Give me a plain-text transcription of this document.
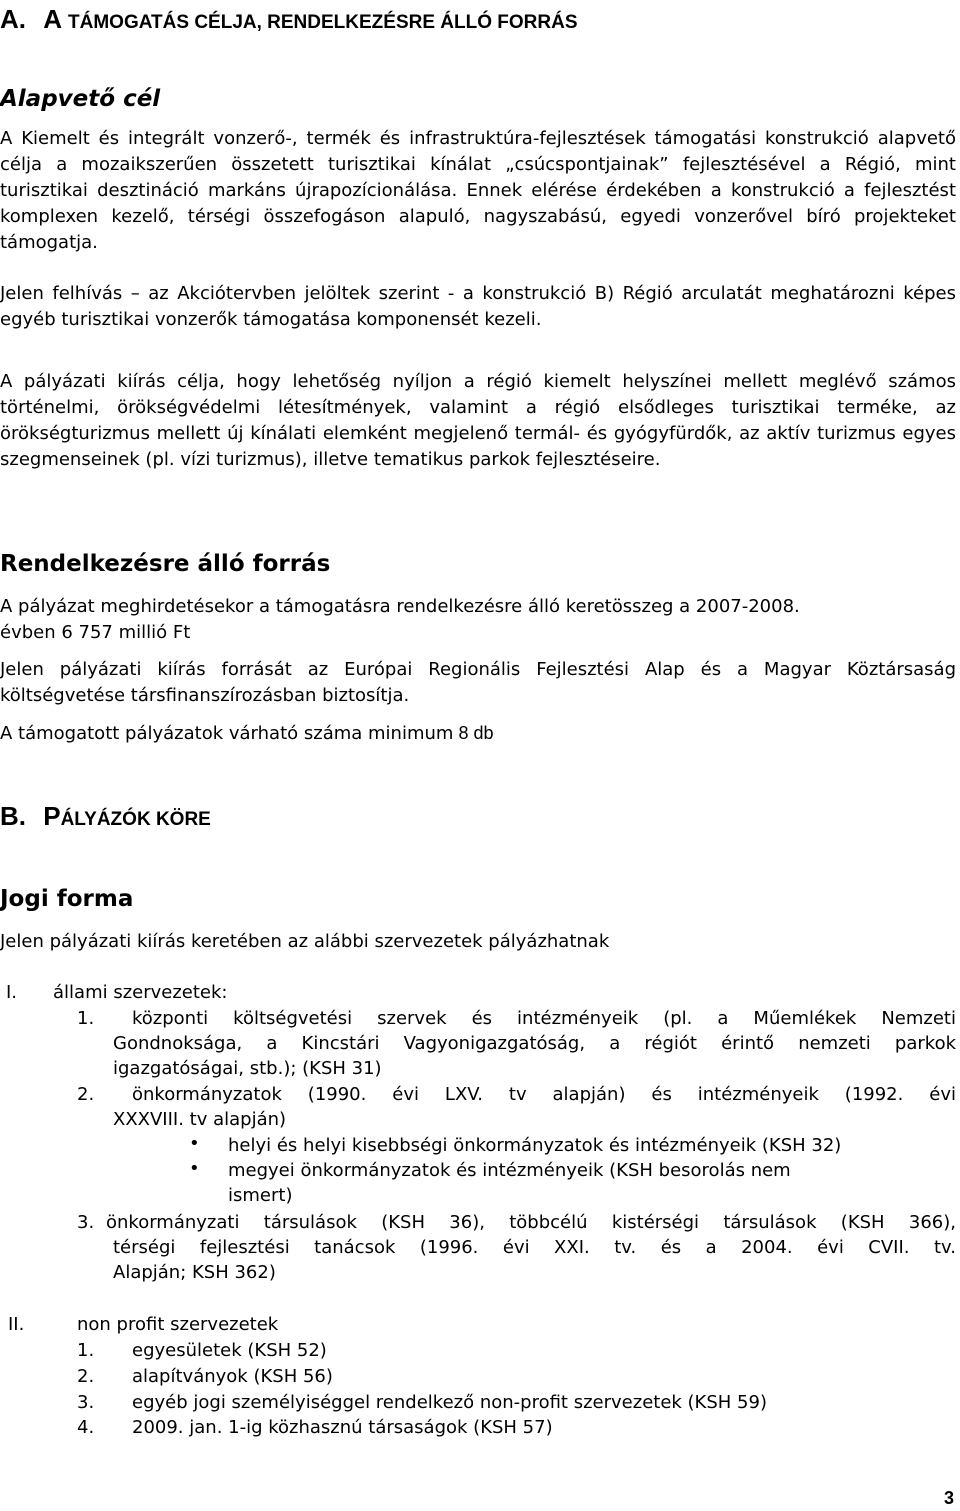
A. A TÁMOGATÁS CÉLJA, RENDELKEZÉSRE ÁLLÓ FORRÁS
Alapvető cél
A Kiemelt és integrált vonzerő-, termék és infrastruktúra-fejlesztések támogatási konstrukció alapvető célja a mozaikszerűen összetett turisztikai kínálat „csúcspontjainak” fejlesztésével a Régió, mint turisztikai desztináció markáns újrapozícionálása. Ennek elérése érdekében a konstrukció a fejlesztést komplexen kezelő, térségi összefogáson alapuló, nagyszabású, egyedi vonzerővel bíró projekteket támogatja.
Jelen felhívás – az Akciótervben jelöltek szerint - a konstrukció B) Régió arculatát meghatározni képes egyéb turisztikai vonzerők támogatása komponensét kezeli.
A pályázati kiírás célja, hogy lehetőség nyíljon a régió kiemelt helyszínei mellett meglévő számos történelmi, örökségvédelmi létesítmények, valamint a régió elsődleges turisztikai terméke, az örökségturizmus mellett új kínálati elemként megjelenő termál- és gyógyfürdők, az aktív turizmus egyes szegmenseinek (pl. vízi turizmus), illetve tematikus parkok fejlesztéseire.
Rendelkezésre álló forrás
A pályázat meghirdetésekor a támogatásra rendelkezésre álló keretösszeg a 2007-2008.
évben 6 757 millió Ft
Jelen pályázati kiírás forrását az Európai Regionális Fejlesztési Alap és a Magyar Köztársaság költségvetése társfinanszírozásban biztosítja.
A támogatott pályázatok várható száma minimum 8 db
B. PÁLYÁZÓK KÖRE
Jogi forma
Jelen pályázati kiírás keretében az alábbi szervezetek pályázhatnak
I. állami szervezetek:
1. központi költségvetési szervek és intézményeik (pl. a Műemlékek Nemzeti
Gondnoksága, a Kincstári Vagyonigazgatóság, a régiót érintő nemzeti parkok
igazgatóságai, stb.); (KSH 31)
2. önkormányzatok (1990. évi LXV. tv alapján) és intézményeik (1992. évi
XXXVIII. tv alapján)
• helyi és helyi kisebbségi önkormányzatok és intézményeik (KSH 32)
• megyei önkormányzatok és intézményeik (KSH besorolás nem
ismert)
3. önkormányzati társulások (KSH 36), többcélú kistérségi társulások (KSH 366),
térségi fejlesztési tanácsok (1996. évi XXI. tv. és a 2004. évi CVII. tv.
Alapján; KSH 362)
II.	non profit szervezetek
1. egyesületek (KSH 52)
2. alapítványok (KSH 56)
3. egyéb jogi személyiséggel rendelkező non-profit szervezetek (KSH 59)
4. 2009. jan. 1-ig közhasznú társaságok (KSH 57)
3
